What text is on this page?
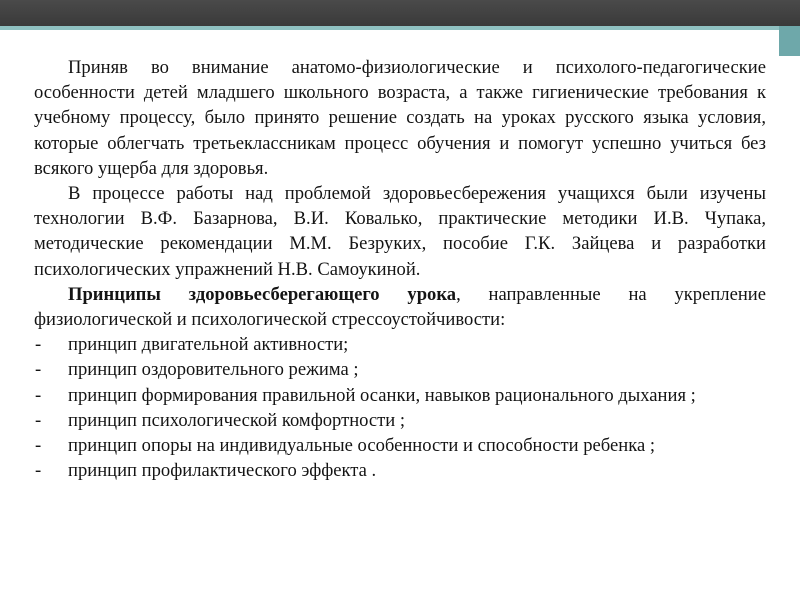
Приняв во внимание анатомо-физиологические и психолого-педагогические особенности детей младшего школьного возраста, а также гигиенические требования к учебному процессу, было принято решение создать на уроках русского языка условия, которые облегчать третьеклассникам процесс обучения и помогут успешно учиться без всякого ущерба для здоровья.

В процессе работы над проблемой здоровьесбережения учащихся были изучены технологии В.Ф. Базарнова, В.И. Ковалько, практические методики И.В. Чупака, методические рекомендации М.М. Безруких, пособие Г.К. Зайцева и разработки психологических упражнений Н.В. Самоукиной.

Принципы здоровьесберегающего урока, направленные на укрепление физиологической и психологической стрессоустойчивости:

- принцип двигательной активности;
- принцип оздоровительного режима ;
- принцип формирования правильной осанки, навыков рационального дыхания ;
- принцип психологической комфортности ;
- принцип опоры на индивидуальные особенности и способности ребенка ;
- принцип профилактического эффекта .
